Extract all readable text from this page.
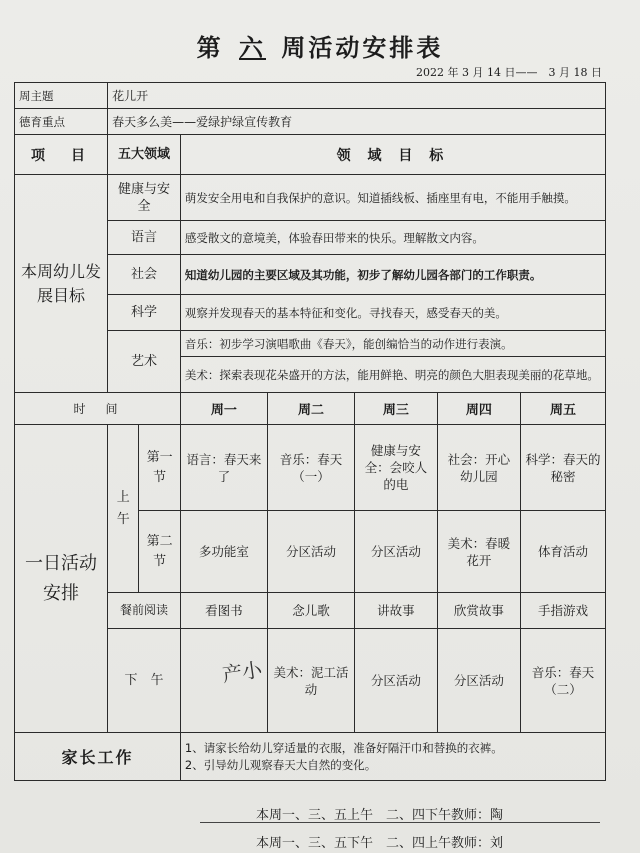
第 六 周活动安排表
2022 年 3 月 14 日——　3 月 18 日
周主题	花儿开						
德育重点	春天多么美——爱绿护绿宣传教育						
项　目	五大领域		领 域 目 标				
本周幼儿发展目标	健康与安全		萌发安全用电和自我保护的意识。知道插线板、插座里有电，不能用手触摸。				
	语言		感受散文的意境美，体验春田带来的快乐。理解散文内容。				
	社会		知道幼儿园的主要区域及其功能，初步了解幼儿园各部门的工作职责。				
	科学		观察并发现春天的基本特征和变化。寻找春天，感受春天的美。				
	艺术		音乐：初步学习演唱歌曲《春天》，能创编恰当的动作进行表演。				
			美术：探索表现花朵盛开的方法，能用鲜艳、明亮的颜色大胆表现美丽的花草地。				
时　间			周一	周二	周三	周四	周五
一日活动安排	上午	第一节	语言：春天来了	音乐：春天（一）	健康与安全：会咬人的电	社会：开心幼儿园	科学：春天的秘密
		第二节	多功能室	分区活动	分区活动	美术：春暖花开	体育活动
	餐前阅读		看图书	念儿歌	讲故事	欣赏故事	手指游戏
	下　午			美术：泥工活动	分区活动	分区活动	音乐：春天（二）
家长工作			1、请家长给幼儿穿适量的衣服，准备好隔汗巾和替换的衣裤。
2、引导幼儿观察春天大自然的变化。				
产小
本周一、三、五上午　二、四下午教师：陶
本周一、三、五下午　二、四上午教师：刘
